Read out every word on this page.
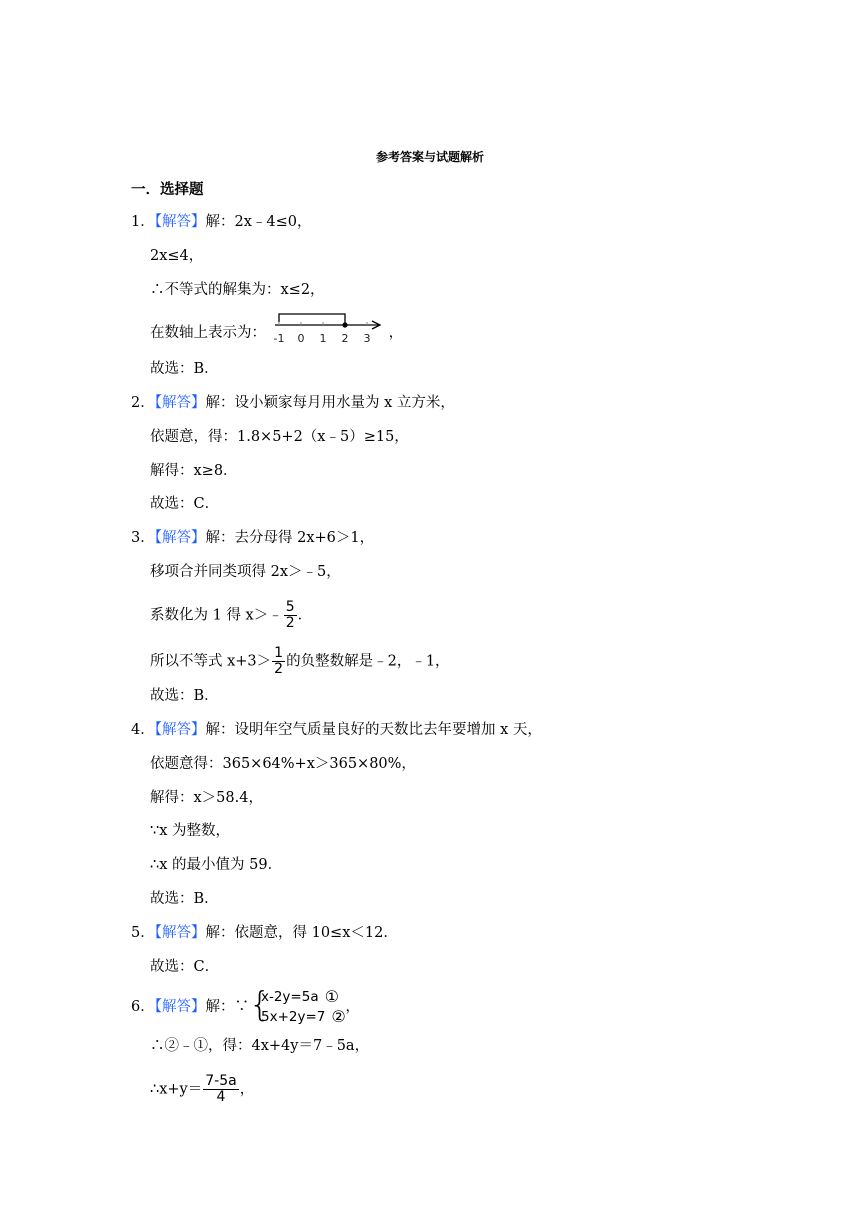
参考答案与试题解析
一．选择题
1．【解答】解：2x﹣4≤0，
2x≤4，
∴不等式的解集为：x≤2，
在数轴上表示为： -1 0 1 2 3 ，
故选：B．
2．【解答】解：设小颖家每月用水量为 x 立方米，
依题意，得：1.8×5+2（x﹣5）≥15，
解得：x≥8．
故选：C．
3．【解答】解：去分母得 2x+6＞1，
移项合并同类项得 2x＞﹣5，
系数化为 1 得 x＞﹣ $\frac{5}{2}$ ．
所以不等式 $x+3> \frac{1}{2}$ 的负整数解是﹣2，﹣1，
故选：B．
4．【解答】解：设明年空气质量良好的天数比去年要增加 x 天，
依题意得：365×64%+x＞365×80%，
解得：x＞58.4，
∵x 为整数，
∴x 的最小值为 59．
故选：B．
5．【解答】解：依题意，得 10≤x＜12．
故选：C．
6．【解答】解：∵ {
x-2y=5a ①
5x+2y=7 ② ，
∴②﹣①，得：4x+4y＝7﹣5a，
∴x+y＝ $\frac{7-5a}{4}$ ，
